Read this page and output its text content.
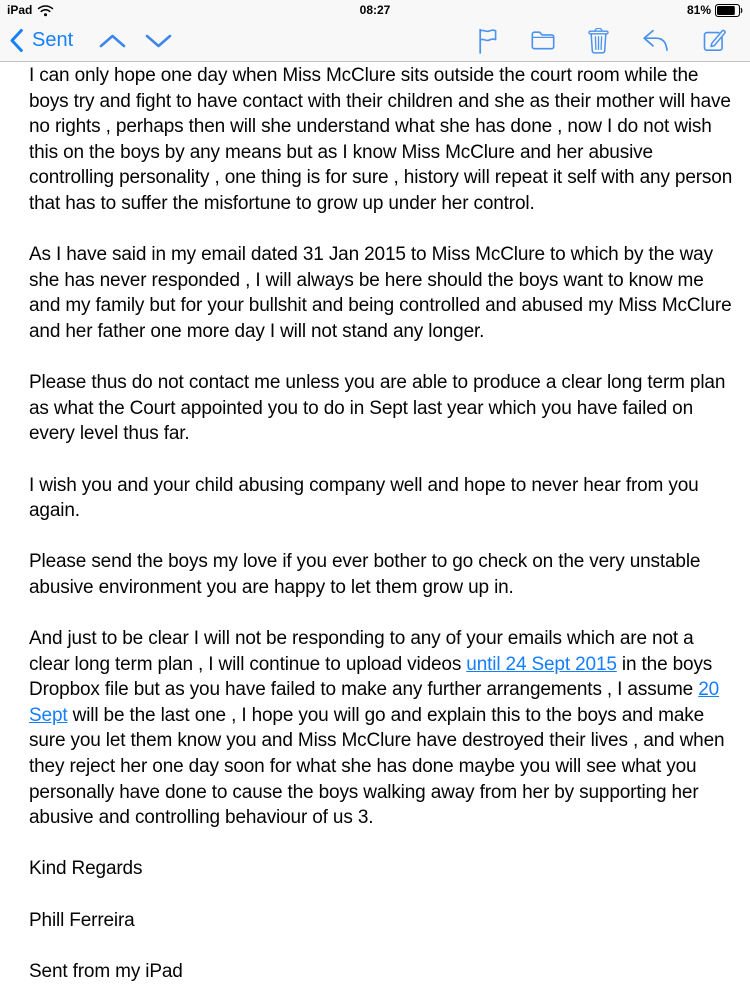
iPad	08:27	81%
Sent

I can only hope one day when Miss McClure sits outside the court room while the
boys try and fight to have contact with their children and she as their mother will have
no rights , perhaps then will she understand what she has done , now I do not wish
this on the boys by any means but as I know Miss McClure and her abusive
controlling personality , one thing is for sure , history will repeat it self with any person
that has to suffer the misfortune to grow up under her control.

As I have said in my email dated 31 Jan 2015 to Miss McClure to which by the way
she has never responded , I will always be here should the boys want to know me
and my family but for your bullshit and being controlled and abused my Miss McClure
and her father one more day I will not stand any longer.

Please thus do not contact me unless you are able to produce a clear long term plan
as what the Court appointed you to do in Sept last year which you have failed on
every level thus far.

I wish you and your child abusing company well and hope to never hear from you
again.

Please send the boys my love if you ever bother to go check on the very unstable
abusive environment you are happy to let them grow up in.

And just to be clear I will not be responding to any of your emails which are not a
clear long term plan , I will continue to upload videos until 24 Sept 2015 in the boys
Dropbox file but as you have failed to make any further arrangements , I assume 20
Sept will be the last one , I hope you will go and explain this to the boys and make
sure you let them know you and Miss McClure have destroyed their lives , and when
they reject her one day soon for what she has done maybe you will see what you
personally have done to cause the boys walking away from her by supporting her
abusive and controlling behaviour of us 3.

Kind Regards

Phill Ferreira

Sent from my iPad
